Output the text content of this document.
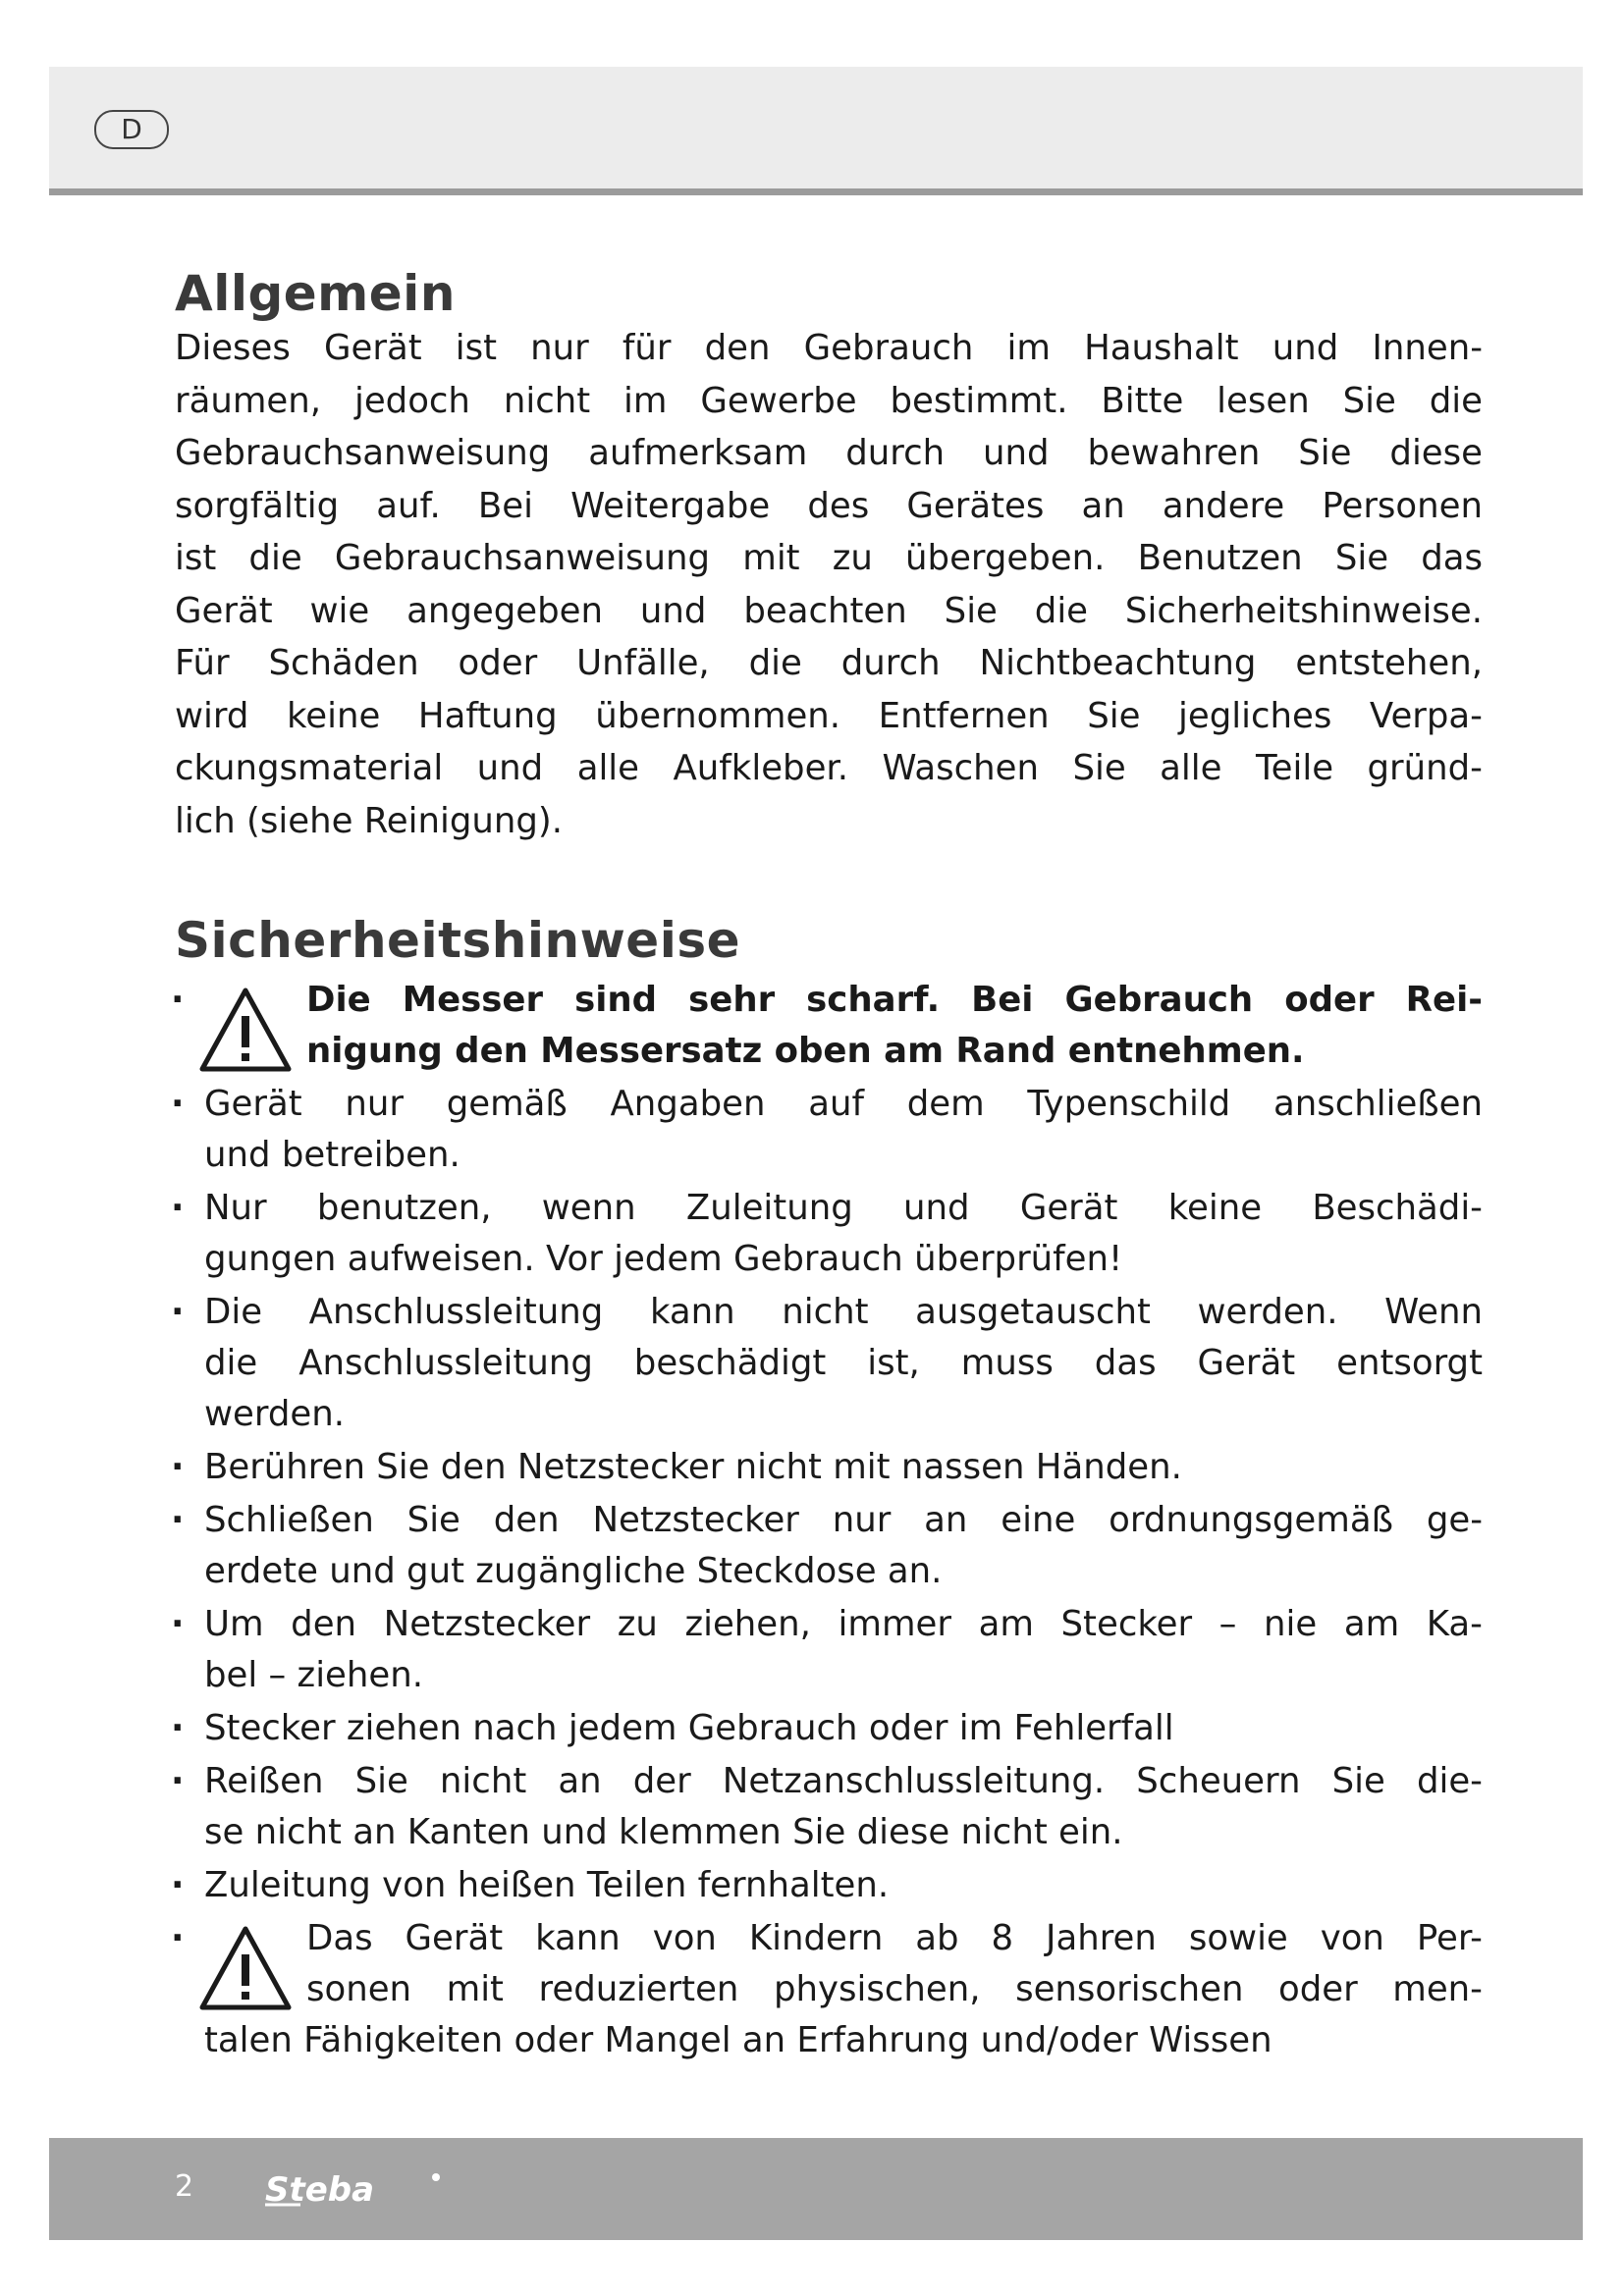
D
Allgemein

Dieses Gerät ist nur für den Gebrauch im Haushalt und Innen-
räumen, jedoch nicht im Gewerbe bestimmt. Bitte lesen Sie die
Gebrauchsanweisung aufmerksam durch und bewahren Sie diese
sorgfältig auf. Bei Weitergabe des Gerätes an andere Personen
ist die Gebrauchsanweisung mit zu übergeben. Benutzen Sie das
Gerät wie angegeben und beachten Sie die Sicherheitshinweise.
Für Schäden oder Unfälle, die durch Nichtbeachtung entstehen,
wird keine Haftung übernommen. Entfernen Sie jegliches Verpa-
ckungsmaterial und alle Aufkleber. Waschen Sie alle Teile gründ-
lich (siehe Reinigung).

Sicherheitshinweise
·	Die Messer sind sehr scharf. Bei Gebrauch oder Rei-
nigung den Messersatz oben am Rand entnehmen.
· Gerät nur gemäß Angaben auf dem Typenschild anschließen
und betreiben.
· Nur benutzen, wenn Zuleitung und Gerät keine Beschädi-
gungen aufweisen. Vor jedem Gebrauch überprüfen!
· Die Anschlussleitung kann nicht ausgetauscht werden. Wenn
die Anschlussleitung beschädigt ist, muss das Gerät entsorgt
werden.
· Berühren Sie den Netzstecker nicht mit nassen Händen.
· Schließen Sie den Netzstecker nur an eine ordnungsgemäß ge-
erdete und gut zugängliche Steckdose an.
· Um den Netzstecker zu ziehen, immer am Stecker – nie am Ka-
bel – ziehen.
· Stecker ziehen nach jedem Gebrauch oder im Fehlerfall
· Reißen Sie nicht an der Netzanschlussleitung. Scheuern Sie die-
se nicht an Kanten und klemmen Sie diese nicht ein.
· Zuleitung von heißen Teilen fernhalten.
·	Das Gerät kann von Kindern ab 8 Jahren sowie von Per-
sonen mit reduzierten physischen, sensorischen oder men-
talen Fähigkeiten oder Mangel an Erfahrung und/oder Wissen
2 Steba
